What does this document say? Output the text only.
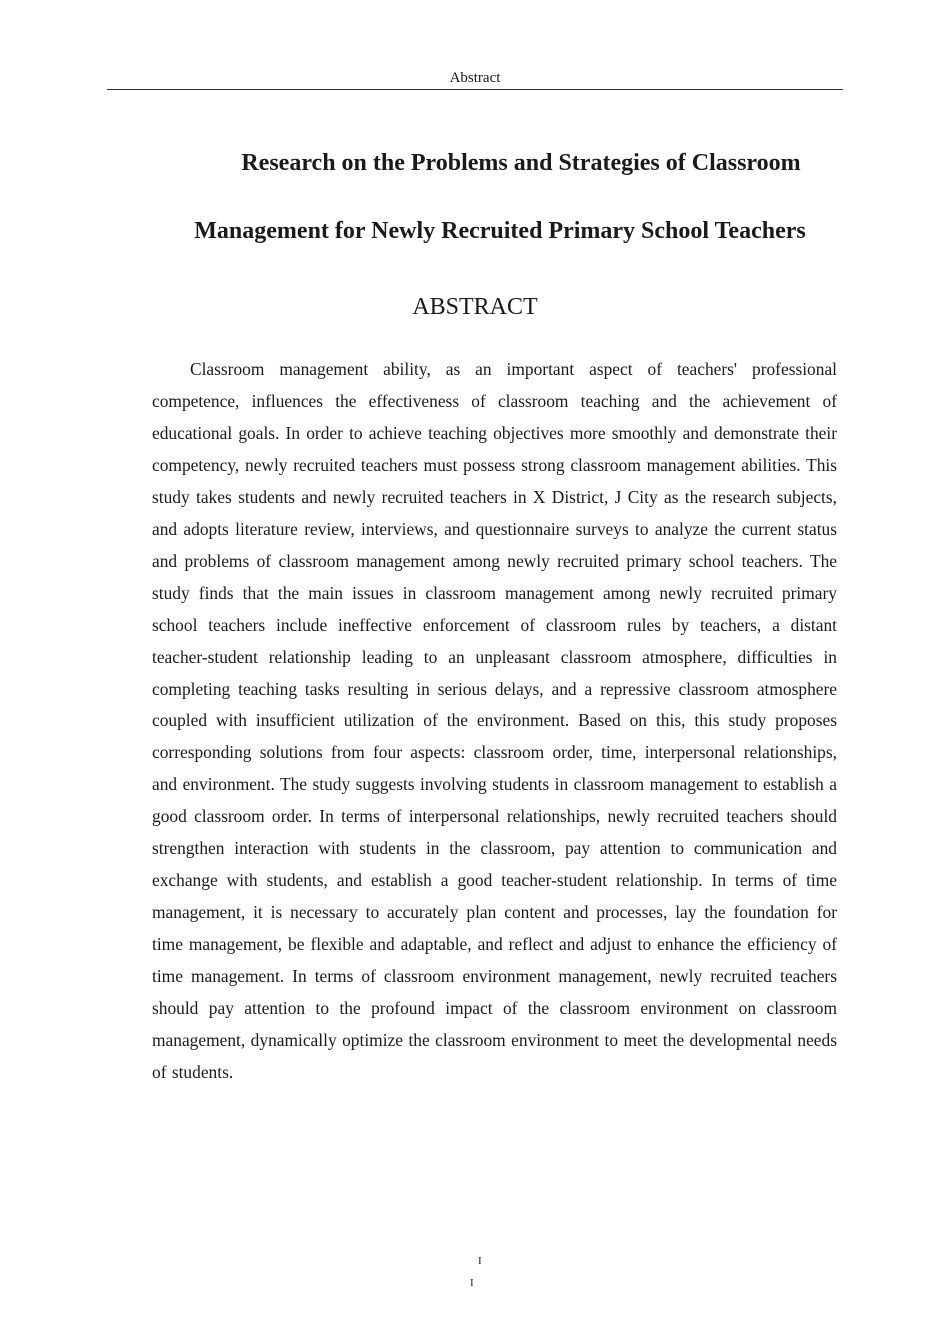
Abstract
Research on the Problems and Strategies of Classroom
Management for Newly Recruited Primary School Teachers
ABSTRACT

Classroom management ability, as an important aspect of teachers' professional competence, influences the effectiveness of classroom teaching and the achievement of educational goals. In order to achieve teaching objectives more smoothly and demonstrate their competency, newly recruited teachers must possess strong classroom management abilities. This study takes students and newly recruited teachers in X District, J City as the research subjects, and adopts literature review, interviews, and questionnaire surveys to analyze the current status and problems of classroom management among newly recruited primary school teachers. The study finds that the main issues in classroom management among newly recruited primary school teachers include ineffective enforcement of classroom rules by teachers, a distant teacher-student relationship leading to an unpleasant classroom atmosphere, difficulties in completing teaching tasks resulting in serious delays, and a repressive classroom atmosphere coupled with insufficient utilization of the environment. Based on this, this study proposes corresponding solutions from four aspects: classroom order, time, interpersonal relationships, and environment. The study suggests involving students in classroom management to establish a good classroom order. In terms of interpersonal relationships, newly recruited teachers should strengthen interaction with students in the classroom, pay attention to communication and exchange with students, and establish a good teacher-student relationship. In terms of time management, it is necessary to accurately plan content and processes, lay the foundation for time management, be flexible and adaptable, and reflect and adjust to enhance the efficiency of time management. In terms of classroom environment management, newly recruited teachers should pay attention to the profound impact of the classroom environment on classroom management, dynamically optimize the classroom environment to meet the developmental needs of students.

I
I
